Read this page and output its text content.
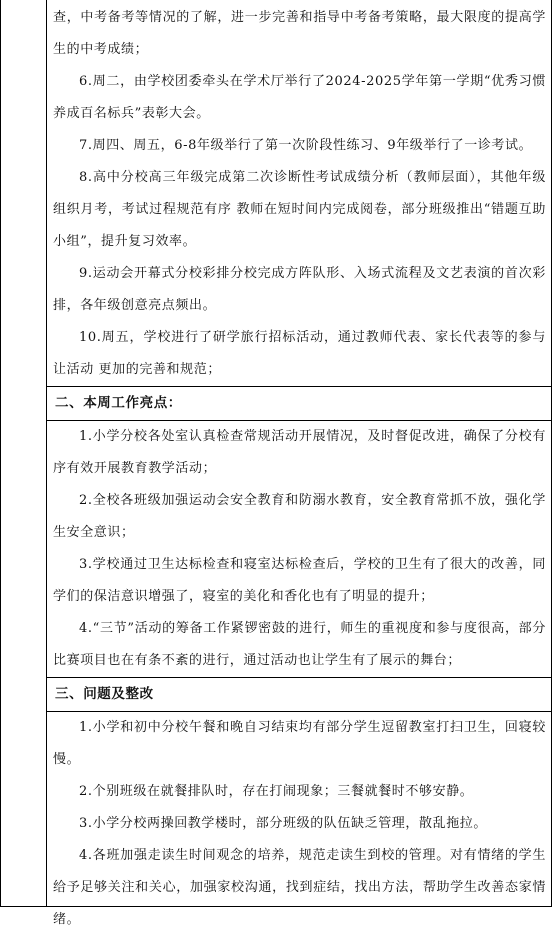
查，中考备考等情况的了解，进一步完善和指导中考备考策略，最大限度的提高学生的中考成绩；

6.周二，由学校团委牵头在学术厅举行了2024-2025学年第一学期“优秀习惯养成百名标兵”表彰大会。

7.周四、周五，6-8年级举行了第一次阶段性练习、9年级举行了一诊考试。

8.高中分校高三年级完成第二次诊断性考试成绩分析（教师层面），其他年级组织月考，考试过程规范有序 教师在短时间内完成阅卷，部分班级推出“错题互助小组”，提升复习效率。

9.运动会开幕式分校彩排分校完成方阵队形、入场式流程及文艺表演的首次彩排，各年级创意亮点频出。

10.周五，学校进行了研学旅行招标活动，通过教师代表、家长代表等的参与让活动 更加的完善和规范；

二、本周工作亮点：

1.小学分校各处室认真检查常规活动开展情况，及时督促改进，确保了分校有序有效开展教育教学活动；

2.全校各班级加强运动会安全教育和防溺水教育，安全教育常抓不放，强化学生安全意识；

3.学校通过卫生达标检查和寝室达标检查后，学校的卫生有了很大的改善，同学们的保洁意识增强了，寝室的美化和香化也有了明显的提升；

4.“三节”活动的筹备工作紧锣密鼓的进行，师生的重视度和参与度很高，部分比赛项目也在有条不紊的进行，通过活动也让学生有了展示的舞台；

三、问题及整改

1.小学和初中分校午餐和晚自习结束均有部分学生逗留教室打扫卫生，回寝较慢。

2.个别班级在就餐排队时，存在打闹现象；三餐就餐时不够安静。

3.小学分校两操回教学楼时，部分班级的队伍缺乏管理，散乱拖拉。

4.各班加强走读生时间观念的培养，规范走读生到校的管理。对有情绪的学生给予足够关注和关心，加强家校沟通，找到症结，找出方法，帮助学生改善态家情绪。
